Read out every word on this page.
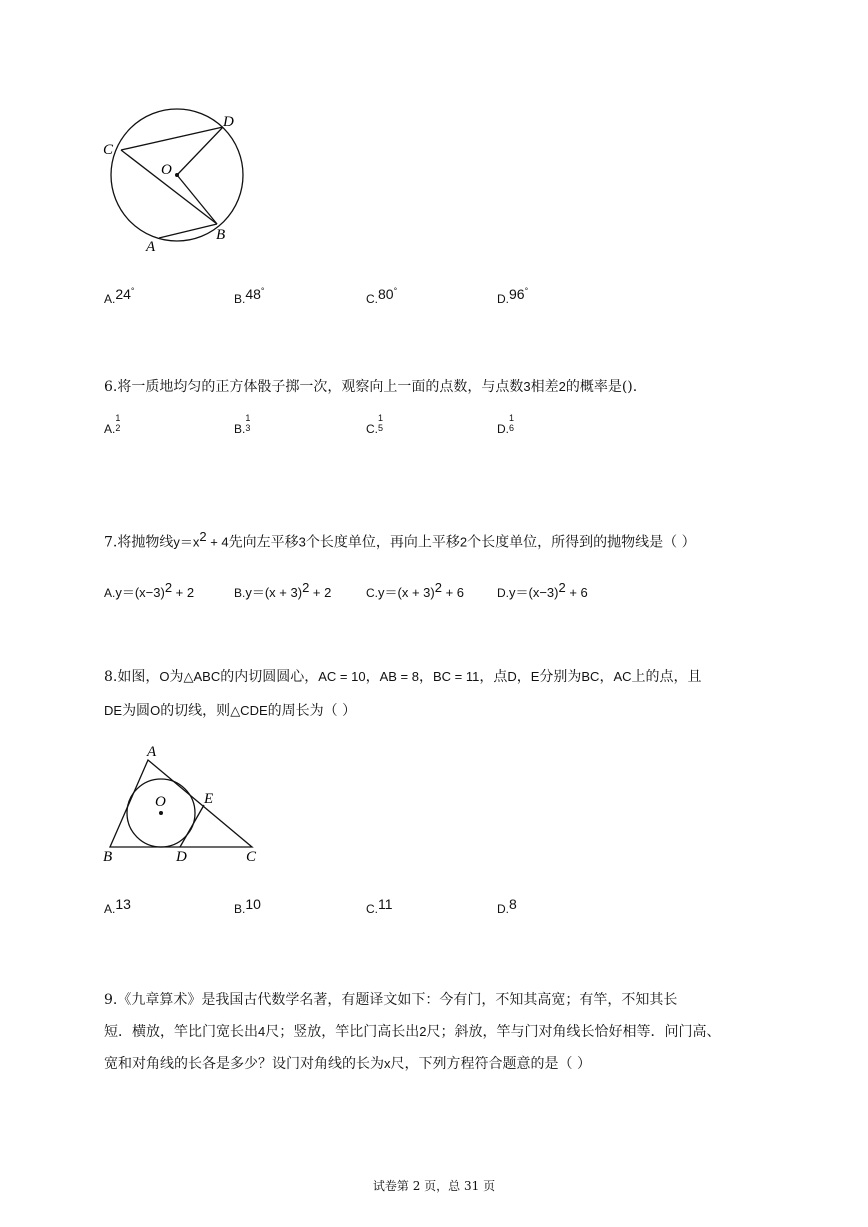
C
D
O
A
B
A.24°
B.48°
C.80°
D.96°
6.将一质地均匀的正方体骰子掷一次，观察向上一面的点数，与点数3相差2的概率是().
A.
1
2	B.
1
3	C.
1
5	D.
1
6
7.将抛物线$y=x^2 + 4$先向左平移3个长度单位，再向上平移2个长度单位，所得到的抛物线是（ ）
$A.y=(x-3)^2 + 2$	$B.y=(x + 3)^2 + 2$	$C.y=(x + 3)^2 + 6$	$D.y=(x-3)^2 + 6$
8.如图，O为△ABC的内切圆圆心，AC = 10，AB = 8，BC = 11，点D，E分别为BC，AC上的点，且
DE为圆O的切线，则△CDE的周长为（ ）
A
O	E
B	D	C
A.13	B.10	C.11	D.8
9.《九章算术》是我国古代数学名著，有题译文如下：今有门，不知其高宽；有竿，不知其长
短．横放，竿比门宽长出4尺；竖放，竿比门高长出2尺；斜放，竿与门对角线长恰好相等．问门高、
宽和对角线的长各是多少？设门对角线的长为x尺，下列方程符合题意的是（ ）
试卷第 2 页，总 31 页
